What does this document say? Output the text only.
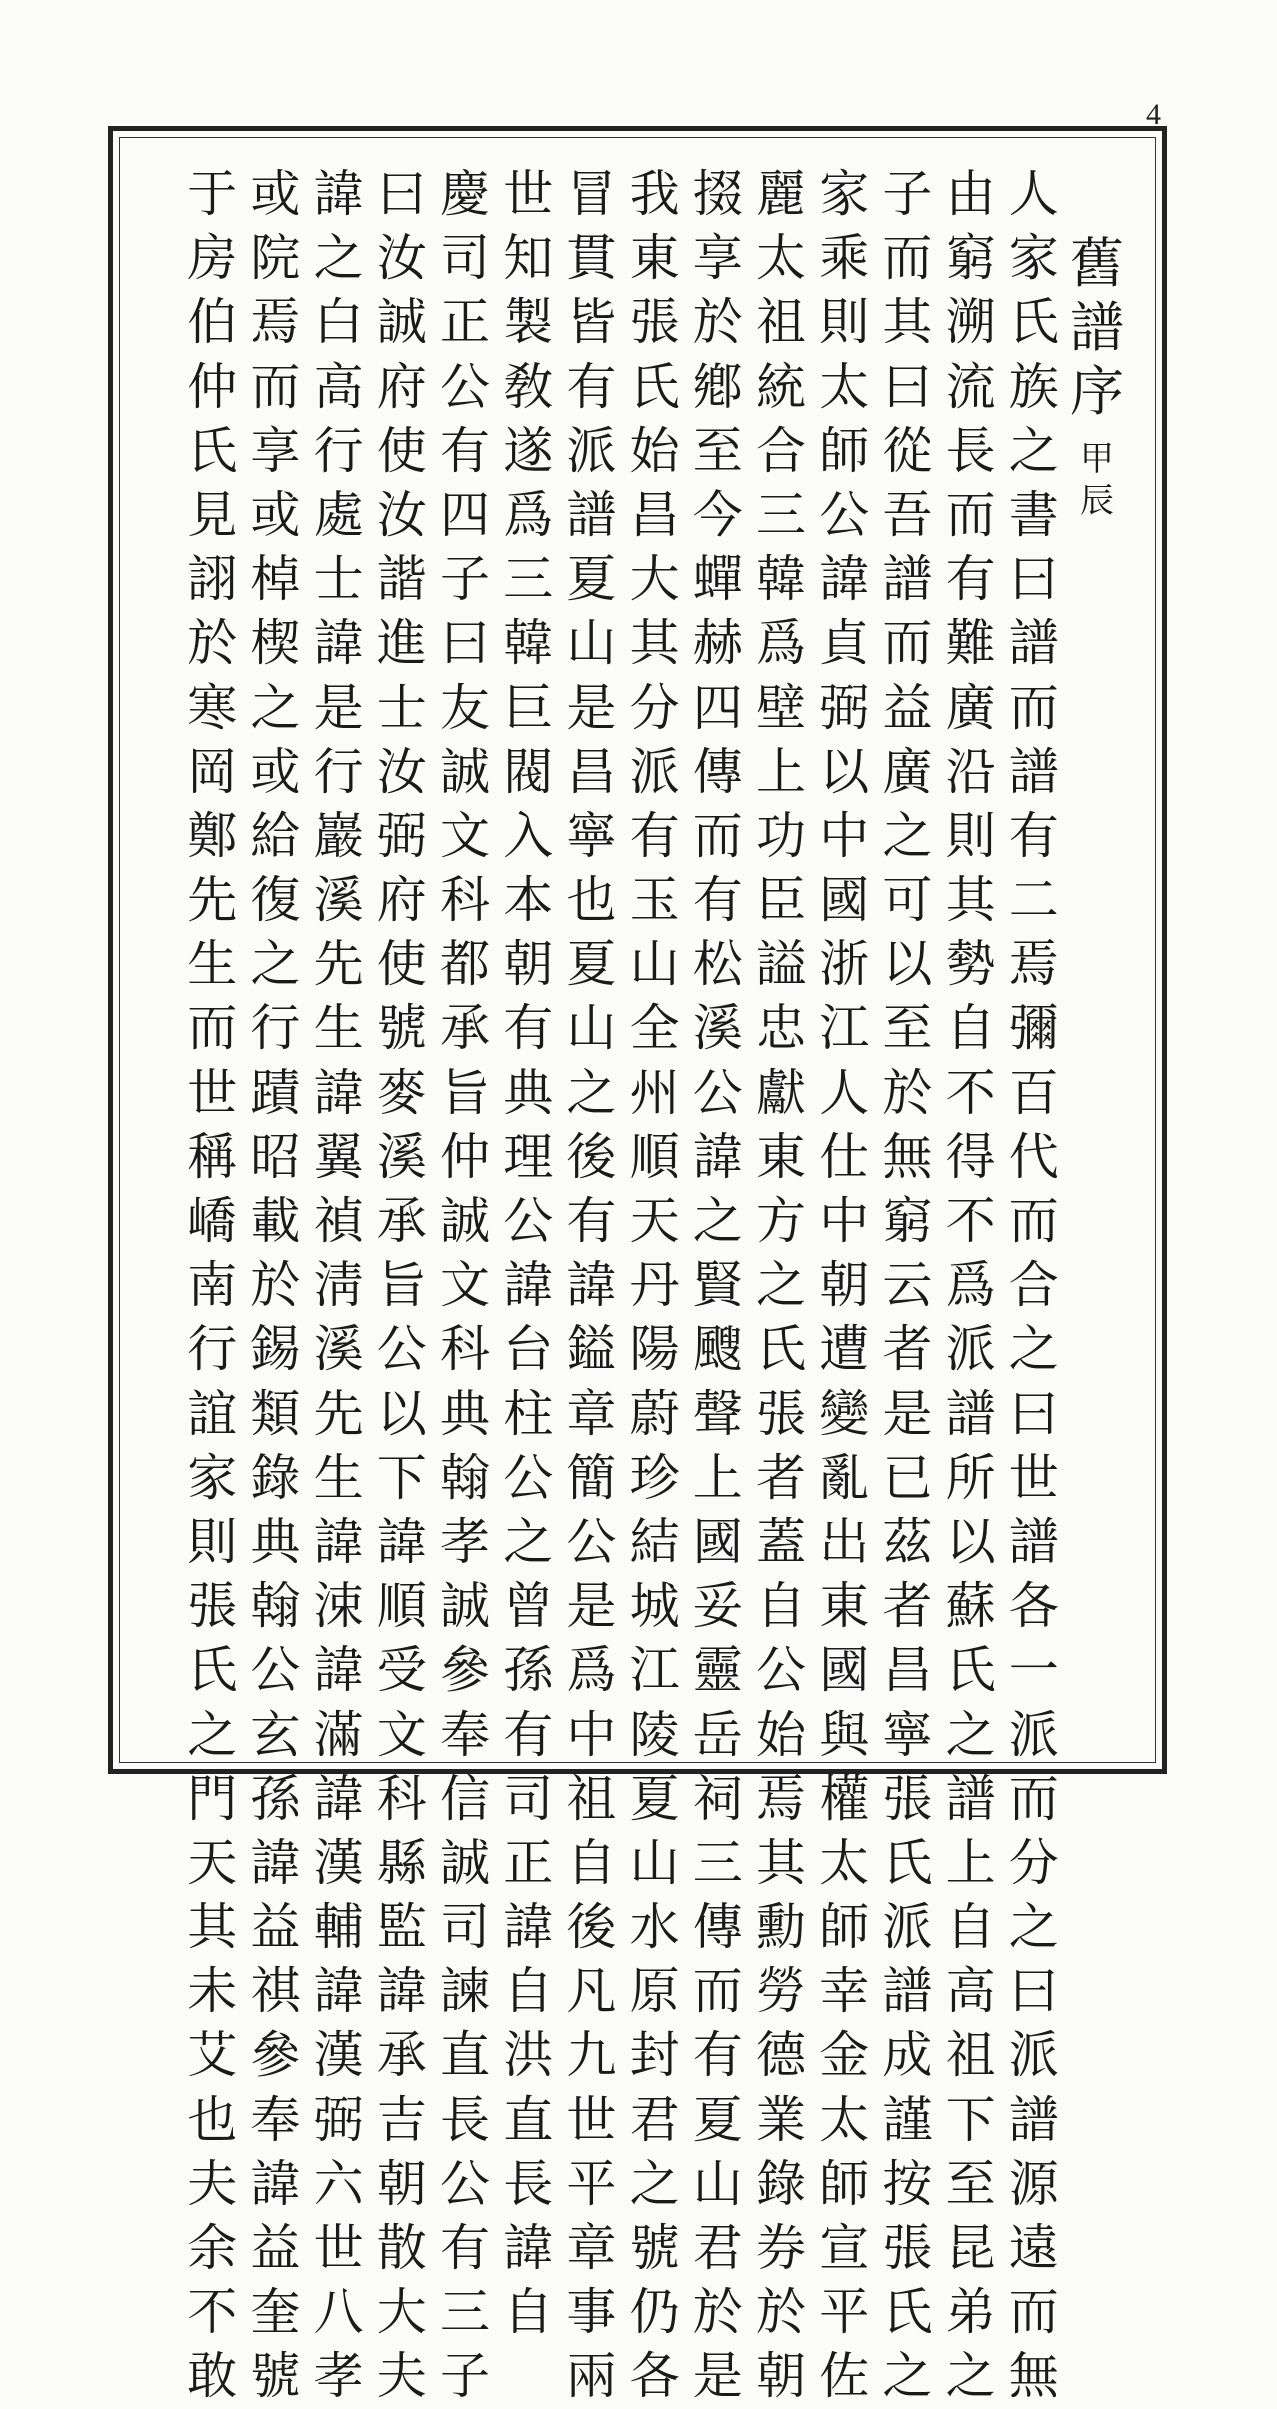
4
舊
譜
序
甲
辰
人
家
氏
族
之
書
曰
譜
而
譜
有
二
焉
彌
百
代
而
合
之
曰
世
譜
各
一
派
而
分
之
曰
派
譜
源
遠
而
無
由
窮
溯
流
長
而
有
難
廣
沿
則
其
勢
自
不
得
不
爲
派
譜
所
以
蘇
氏
之
譜
上
自
高
祖
下
至
昆
弟
之
子
而
其
曰
從
吾
譜
而
益
廣
之
可
以
至
於
無
窮
云
者
是
已
茲
者
昌
寧
張
氏
派
譜
成
謹
按
張
氏
之
家
乘
則
太
師
公
諱
貞
弼
以
中
國
浙
江
人
仕
中
朝
遭
變
亂
出
東
國
與
權
太
師
幸
金
太
師
宣
平
佐
麗
太
祖
統
合
三
韓
爲
壁
上
功
臣
謚
忠
獻
東
方
之
氏
張
者
蓋
自
公
始
焉
其
勳
勞
德
業
錄
券
於
朝
掇
享
於
鄕
至
今
蟬
赫
四
傳
而
有
松
溪
公
諱
之
賢
颼
聲
上
國
妥
靈
岳
祠
三
傳
而
有
夏
山
君
於
是
我
東
張
氏
始
昌
大
其
分
派
有
玉
山
全
州
順
天
丹
陽
蔚
珍
結
城
江
陵
夏
山
水
原
封
君
之
號
仍
各
冒
貫
皆
有
派
譜
夏
山
是
昌
寧
也
夏
山
之
後
有
諱
鎰
章
簡
公
是
爲
中
祖
自
後
凡
九
世
平
章
事
兩
世
知
製
敎
遂
爲
三
韓
巨
閥
入
本
朝
有
典
理
公
諱
台
柱
公
之
曾
孫
有
司
正
諱
自
洪
直
長
諱
自
慶
司
正
公
有
四
子
曰
友
誠
文
科
都
承
旨
仲
誠
文
科
典
翰
孝
誠
參
奉
信
誠
司
諫
直
長
公
有
三
子
曰
汝
誠
府
使
汝
諧
進
士
汝
弼
府
使
號
麥
溪
承
旨
公
以
下
諱
順
受
文
科
縣
監
諱
承
吉
朝
散
大
夫
諱
之
白
高
行
處
士
諱
是
行
巖
溪
先
生
諱
翼
禎
淸
溪
先
生
諱
涑
諱
滿
諱
漢
輔
諱
漢
弼
六
世
八
孝
或
院
焉
而
享
或
棹
楔
之
或
給
復
之
行
蹟
昭
載
於
錫
類
錄
典
翰
公
玄
孫
諱
益
祺
參
奉
諱
益
奎
號
于
房
伯
仲
氏
見
詡
於
寒
岡
鄭
先
生
而
世
稱
嶠
南
行
誼
家
則
張
氏
之
門
天
其
未
艾
也
夫
余
不
敢
